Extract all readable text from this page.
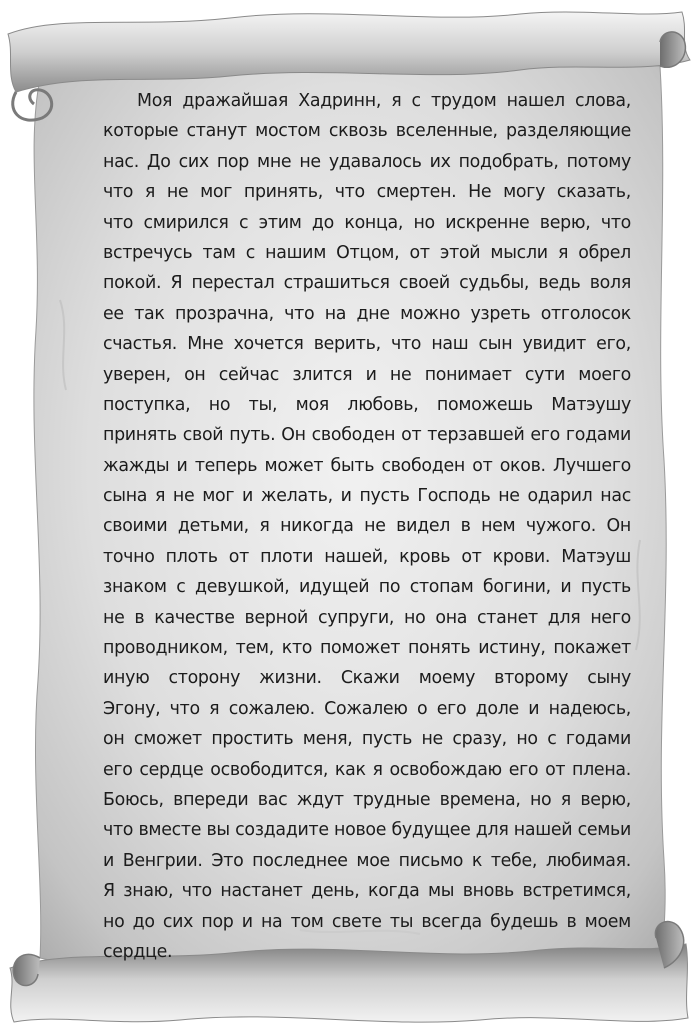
Моя дражайшая Хадринн, я с трудом нашел слова,
которые станут мостом сквозь вселенные, разделяющие
нас. До сих пор мне не удавалось их подобрать, потому
что я не мог принять, что смертен. Не могу сказать,
что смирился с этим до конца, но искренне верю, что
встречусь там с нашим Отцом, от этой мысли я обрел
покой. Я перестал страшиться своей судьбы, ведь воля
ее так прозрачна, что на дне можно узреть отголосок
счастья. Мне хочется верить, что наш сын увидит его,
уверен, он сейчас злится и не понимает сути моего
поступка, но ты, моя любовь, поможешь Матэушу
принять свой путь. Он свободен от терзавшей его годами
жажды и теперь может быть свободен от оков. Лучшего
сына я не мог и желать, и пусть Господь не одарил нас
своими детьми, я никогда не видел в нем чужого. Он
точно плоть от плоти нашей, кровь от крови. Матэуш
знаком с девушкой, идущей по стопам богини, и пусть
не в качестве верной супруги, но она станет для него
проводником, тем, кто поможет понять истину, покажет
иную сторону жизни. Скажи моему второму сыну
Эгону, что я сожалею. Сожалею о его доле и надеюсь,
он сможет простить меня, пусть не сразу, но с годами
его сердце освободится, как я освобождаю его от плена.
Боюсь, впереди вас ждут трудные времена, но я верю,
что вместе вы создадите новое будущее для нашей семьи
и Венгрии. Это последнее мое письмо к тебе, любимая.
Я знаю, что настанет день, когда мы вновь встретимся,
но до сих пор и на том свете ты всегда будешь в моем
сердце.
